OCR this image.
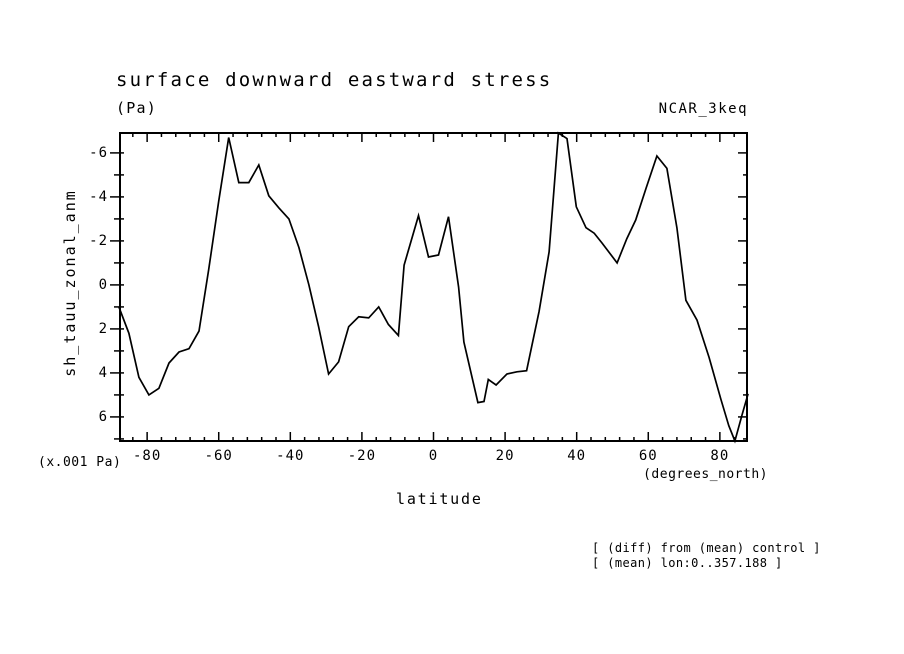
surface downward eastward stress
(Pa)	NCAR_3keq
sh_tauu_zonal_anm
(x.001 Pa)
(degrees_north)
latitude
[ (diff) from (mean) control ]
[ (mean) lon:0..357.188 ]
-6
-4
-2
0
2
4
6
-80	-60	-40	-20	0	20	40	60	80
